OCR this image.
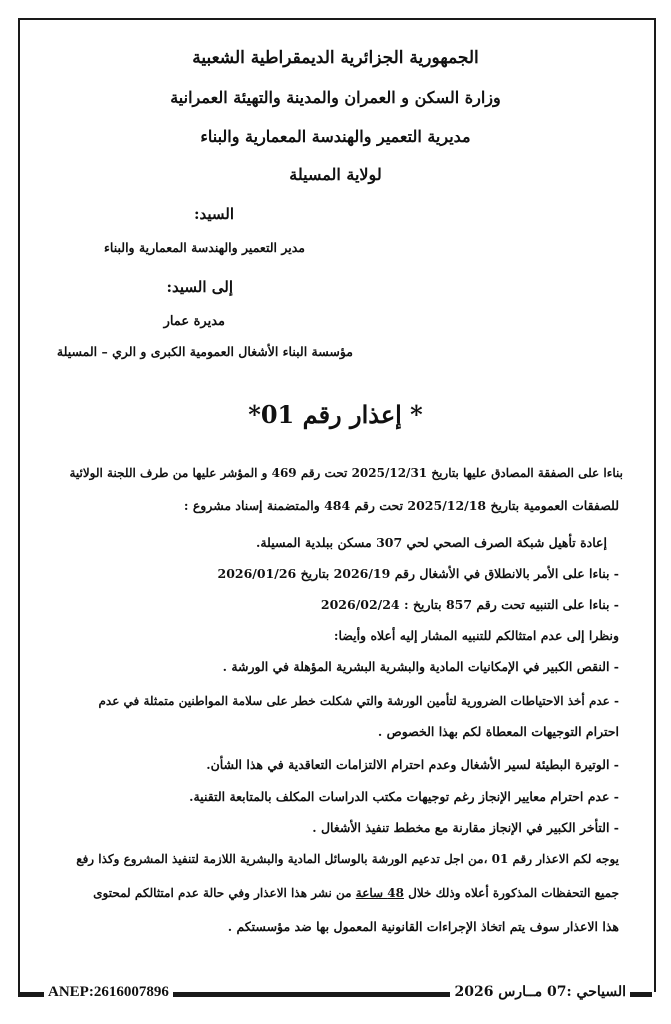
الجمهورية الجزائرية الديمقراطية الشعبية
وزارة السكن و العمران والمدينة والتهيئة العمرانية
مديرية التعمير والهندسة المعمارية والبناء
لولاية المسيلة
السيد:
مدير التعمير والهندسة المعمارية والبناء
إلى السيد:
مديرة عمار
مؤسسة البناء الأشغال العمومية الكبرى و الري – المسيلة
* إعذار رقم 01*
بناءا على الصفقة المصادق عليها بتاريخ 2025/12/31 تحت رقم 469 و المؤشر عليها من طرف اللجنة الولائية
للصفقات العمومية بتاريخ 2025/12/18 تحت رقم 484 والمتضمنة إسناد مشروع :
إعادة تأهيل شبكة الصرف الصحي لحي 307 مسكن ببلدية المسيلة.
- بناءا على الأمر بالانطلاق في الأشغال رقم 2026/19 بتاريخ 2026/01/26
- بناءا على التنبيه تحت رقم 857 بتاريخ : 2026/02/24
ونظرا إلى عدم امتثالكم للتنبيه المشار إليه أعلاه وأيضا:
- النقص الكبير في الإمكانيات المادية والبشرية البشرية المؤهلة في الورشة .
- عدم أخذ الاحتياطات الضرورية لتأمين الورشة والتي شكلت خطر على سلامة المواطنين متمثلة في عدم
احترام التوجيهات المعطاة لكم بهذا الخصوص .
- الوتيرة البطيئة لسير الأشغال وعدم احترام الالتزامات التعاقدية في هذا الشأن.
- عدم احترام معايير الإنجاز رغم توجيهات مكتب الدراسات المكلف بالمتابعة التقنية.
- التأخر الكبير في الإنجاز مقارنة مع مخطط تنفيذ الأشغال .
يوجه لكم الاعذار رقم 01 ،من اجل تدعيم الورشة بالوسائل المادية والبشرية اللازمة لتنفيذ المشروع وكذا رفع
جميع التحفظات المذكورة أعلاه وذلك خلال 48 ساعة من نشر هذا الاعذار وفي حالة عدم امتثالكم لمحتوى
هذا الاعذار سوف يتم اتخاذ الإجراءات القانونية المعمول بها ضد مؤسستكم .
ANEP:2616007896	السياحي :07 مــارس 2026
